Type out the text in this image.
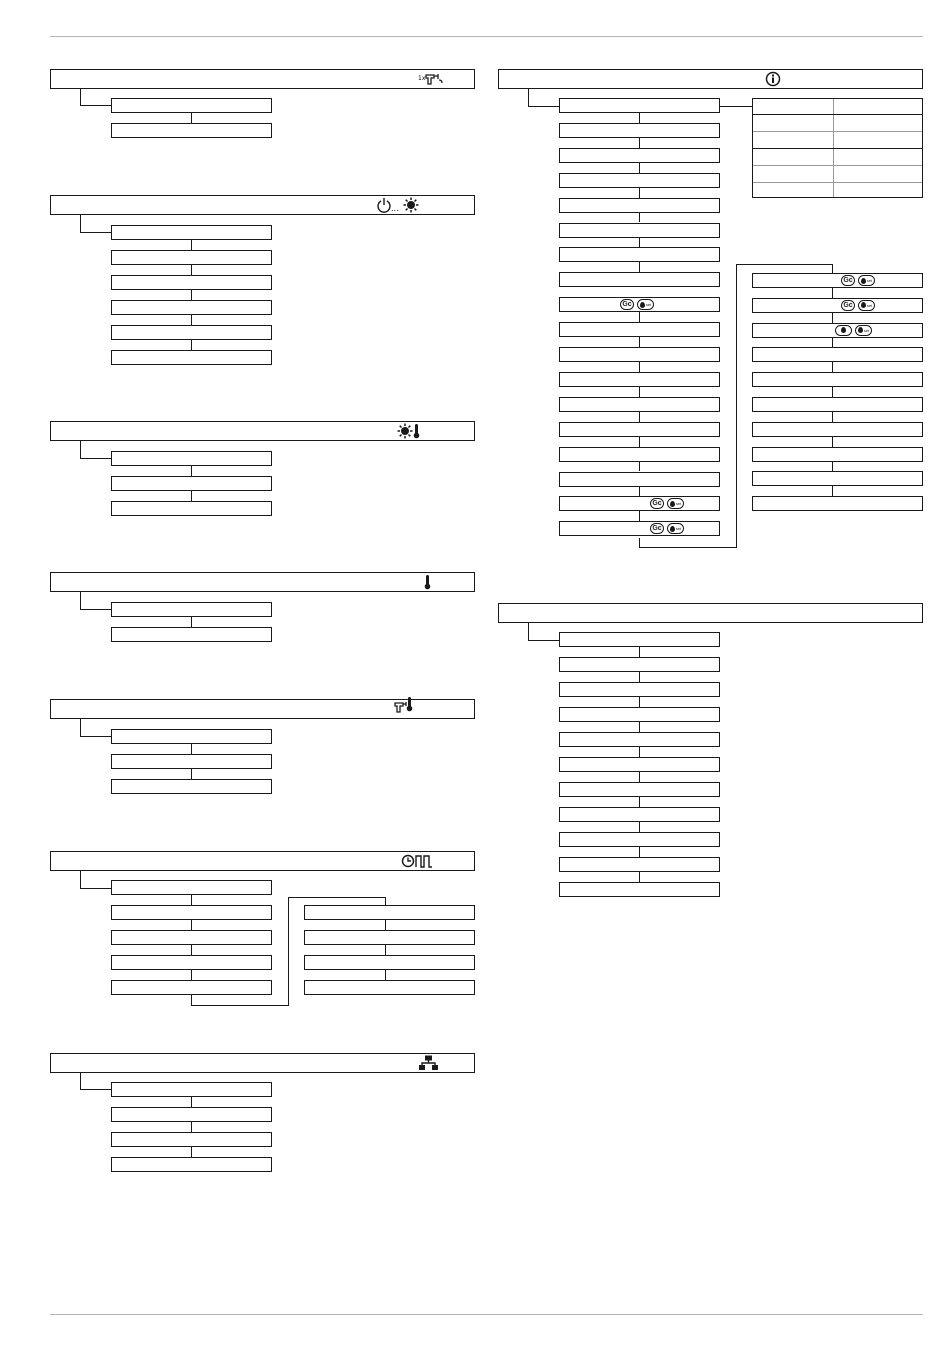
1x
...
Gc	set
Gc	set
Gc	set
Gc	set
Gc	set
set
